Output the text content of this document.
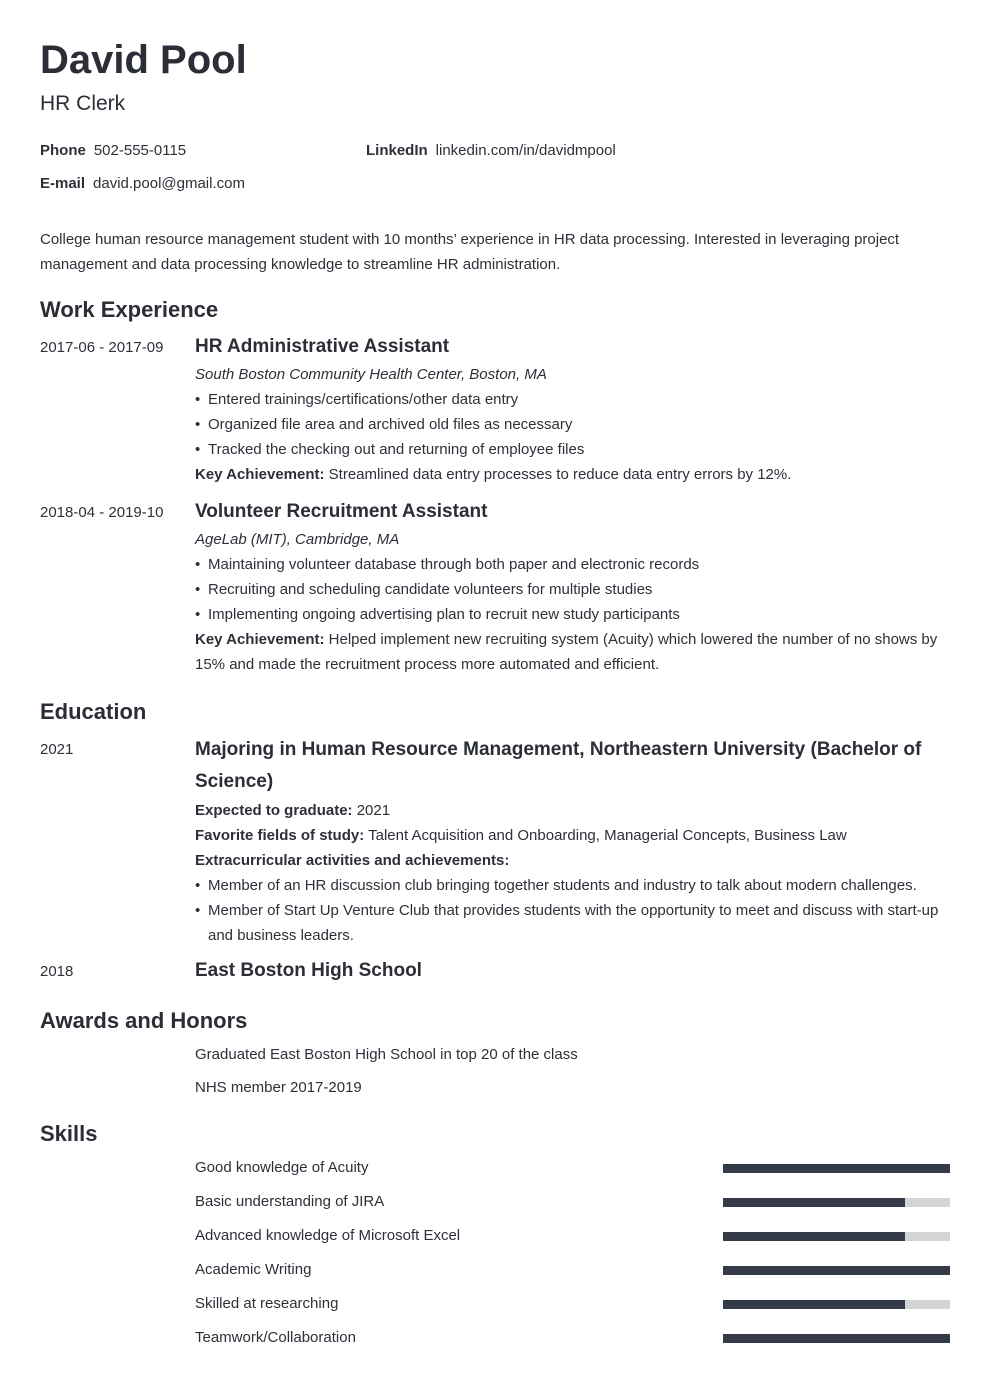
David Pool
HR Clerk
Phone 502-555-0115	LinkedIn linkedin.com/in/davidmpool
E-mail david.pool@gmail.com

College human resource management student with 10 months’ experience in HR data processing. Interested in leveraging project management and data processing knowledge to streamline HR administration.

Work Experience
2017-06 - 2017-09 HR Administrative Assistant
South Boston Community Health Center, Boston, MA
• Entered trainings/certifications/other data entry
• Organized file area and archived old files as necessary
• Tracked the checking out and returning of employee files
Key Achievement: Streamlined data entry processes to reduce data entry errors by 12%.
2018-04 - 2019-10 Volunteer Recruitment Assistant
AgeLab (MIT), Cambridge, MA
• Maintaining volunteer database through both paper and electronic records
• Recruiting and scheduling candidate volunteers for multiple studies
• Implementing ongoing advertising plan to recruit new study participants
Key Achievement: Helped implement new recruiting system (Acuity) which lowered the number of no shows by 15% and made the recruitment process more automated and efficient.
Education
2021	Majoring in Human Resource Management, Northeastern University (Bachelor of Science)
Expected to graduate: 2021
Favorite fields of study: Talent Acquisition and Onboarding, Managerial Concepts, Business Law
Extracurricular activities and achievements:
• Member of an HR discussion club bringing together students and industry to talk about modern challenges.
• Member of Start Up Venture Club that provides students with the opportunity to meet and discuss with start-up and business leaders.
2018	East Boston High School
Awards and Honors
Graduated East Boston High School in top 20 of the class
NHS member 2017-2019
Skills
Good knowledge of Acuity
Basic understanding of JIRA
Advanced knowledge of Microsoft Excel
Academic Writing
Skilled at researching
Teamwork/Collaboration
